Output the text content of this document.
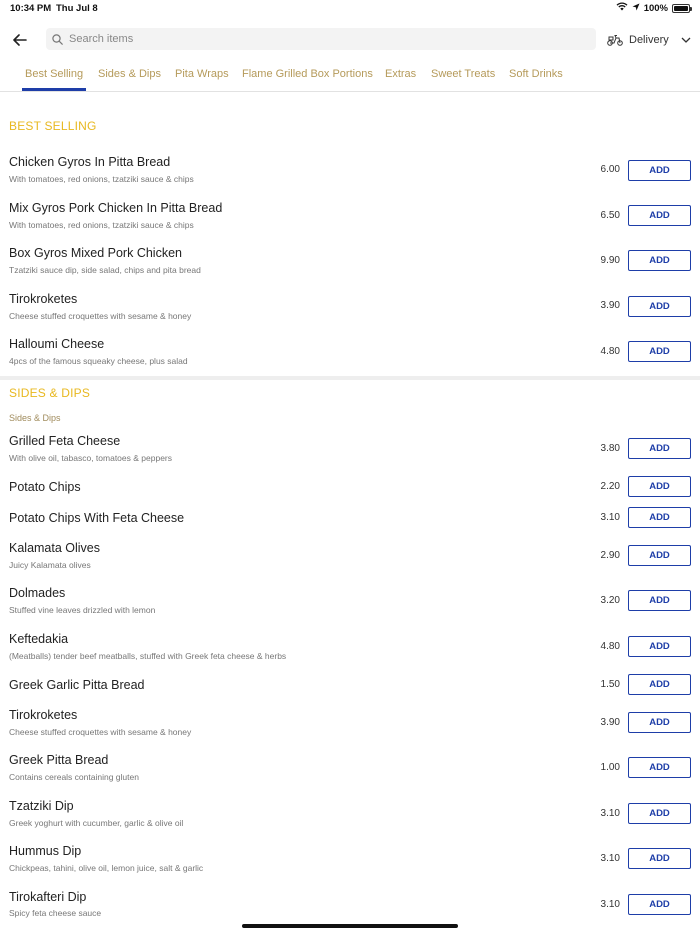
10:34 PM Thu Jul 8	100%
Search items
Delivery
Best Selling Sides & Dips Pita Wraps Flame Grilled Box Portions Extras Sweet Treats Soft Drinks
BEST SELLING
Chicken Gyros In Pitta Bread
With tomatoes, red onions, tzatziki sauce & chips
6.00	ADD
Mix Gyros Pork Chicken In Pitta Bread
With tomatoes, red onions, tzatziki sauce & chips
6.50	ADD
Box Gyros Mixed Pork Chicken
Tzatziki sauce dip, side salad, chips and pita bread
9.90	ADD
Tirokroketes
Cheese stuffed croquettes with sesame & honey
3.90	ADD
Halloumi Cheese
4pcs of the famous squeaky cheese, plus salad
4.80	ADD
SIDES & DIPS
Sides & Dips
Grilled Feta Cheese
With olive oil, tabasco, tomatoes & peppers
3.80	ADD
Potato Chips	2.20	ADD
Potato Chips With Feta Cheese	3.10	ADD
Kalamata Olives
Juicy Kalamata olives
2.90	ADD
Dolmades
Stuffed vine leaves drizzled with lemon
3.20	ADD
Keftedakia
(Meatballs) tender beef meatballs, stuffed with Greek feta cheese & herbs
4.80	ADD
Greek Garlic Pitta Bread	1.50	ADD
Tirokroketes
Cheese stuffed croquettes with sesame & honey
3.90	ADD
Greek Pitta Bread
Contains cereals containing gluten
1.00	ADD
Tzatziki Dip
Greek yoghurt with cucumber, garlic & olive oil
3.10	ADD
Hummus Dip
Chickpeas, tahini, olive oil, lemon juice, salt & garlic
3.10	ADD
Tirokafteri Dip
Spicy feta cheese sauce
3.10	ADD
